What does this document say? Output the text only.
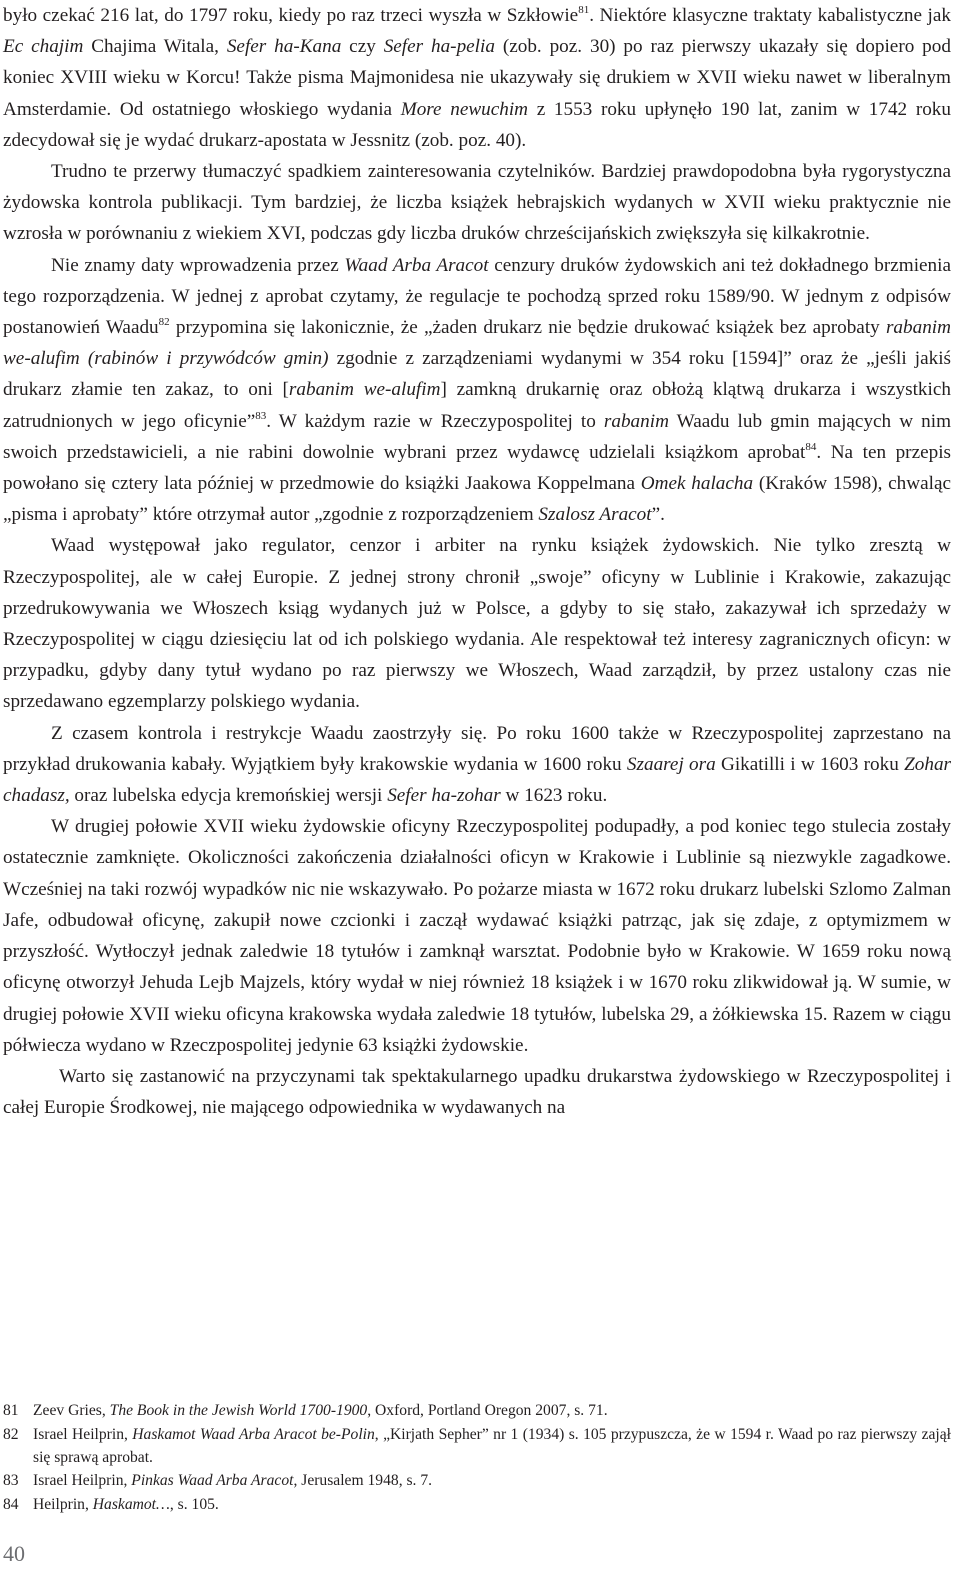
było czekać 216 lat, do 1797 roku, kiedy po raz trzeci wyszła w Szkłowie$^{81}$. Niektóre klasyczne traktaty kabalistyczne jak Ec chajim Chajima Witala, Sefer ha-Kana czy Sefer ha-pelia (zob. poz. 30) po raz pierwszy ukazały się dopiero pod koniec XVIII wieku w Korcu! Także pisma Majmonidesa nie ukazywały się drukiem w XVII wieku nawet w liberalnym Amsterdamie. Od ostatniego włoskiego wydania More newuchim z 1553 roku upłynęło 190 lat, zanim w 1742 roku zdecydował się je wydać drukarz-apostata w Jessnitz (zob. poz. 40).

Trudno te przerwy tłumaczyć spadkiem zainteresowania czytelników. Bardziej prawdopodobna była rygorystyczna żydowska kontrola publikacji. Tym bardziej, że liczba książek hebrajskich wydanych w XVII wieku praktycznie nie wzrosła w porównaniu z wiekiem XVI, podczas gdy liczba druków chrześcijańskich zwiększyła się kilkakrotnie.

Nie znamy daty wprowadzenia przez Waad Arba Aracot cenzury druków żydowskich ani też dokładnego brzmienia tego rozporządzenia. W jednej z aprobat czytamy, że regulacje te pochodzą sprzed roku 1589/90. W jednym z odpisów postanowień Waadu$^{82}$ przypomina się lakonicznie, że „żaden drukarz nie będzie drukować książek bez aprobaty rabanim we-alufim (rabinów i przywódców gmin) zgodnie z zarządzeniami wydanymi w 354 roku [1594]” oraz że „jeśli jakiś drukarz złamie ten zakaz, to oni [rabanim we-alufim] zamkną drukarnię oraz obłożą klątwą drukarza i wszystkich zatrudnionych w jego oficynie”$^{83}$. W każdym razie w Rzeczypospolitej to rabanim Waadu lub gmin mających w nim swoich przedstawicieli, a nie rabini dowolnie wybrani przez wydawcę udzielali książkom aprobat$^{84}$. Na ten przepis powołano się cztery lata później w przedmowie do książki Jaakowa Koppelmana Omek halacha (Kraków 1598), chwaląc „pisma i aprobaty” które otrzymał autor „zgodnie z rozporządzeniem Szalosz Aracot”.

Waad występował jako regulator, cenzor i arbiter na rynku książek żydowskich. Nie tylko zresztą w Rzeczypospolitej, ale w całej Europie. Z jednej strony chronił „swoje” oficyny w Lublinie i Krakowie, zakazując przedrukowywania we Włoszech ksiąg wydanych już w Polsce, a gdyby to się stało, zakazywał ich sprzedaży w Rzeczypospolitej w ciągu dziesięciu lat od ich polskiego wydania. Ale respektował też interesy zagranicznych oficyn: w przypadku, gdyby dany tytuł wydano po raz pierwszy we Włoszech, Waad zarządził, by przez ustalony czas nie sprzedawano egzemplarzy polskiego wydania.

Z czasem kontrola i restrykcje Waadu zaostrzyły się. Po roku 1600 także w Rzeczypospolitej zaprzestano na przykład drukowania kabały. Wyjątkiem były krakowskie wydania w 1600 roku Szaarej ora Gikatilli i w 1603 roku Zohar chadasz, oraz lubelska edycja kremońskiej wersji Sefer ha-zohar w 1623 roku.

W drugiej połowie XVII wieku żydowskie oficyny Rzeczypospolitej podupadły, a pod koniec tego stulecia zostały ostatecznie zamknięte. Okoliczności zakończenia działalności oficyn w Krakowie i Lublinie są niezwykle zagadkowe. Wcześniej na taki rozwój wypadków nic nie wskazywało. Po pożarze miasta w 1672 roku drukarz lubelski Szlomo Zalman Jafe, odbudował oficynę, zakupił nowe czcionki i zaczął wydawać książki patrząc, jak się zdaje, z optymizmem w przyszłość. Wytłoczył jednak zaledwie 18 tytułów i zamknął warsztat. Podobnie było w Krakowie. W 1659 roku nową oficynę otworzył Jehuda Lejb Majzels, który wydał w niej również 18 książek i w 1670 roku zlikwidował ją. W sumie, w drugiej połowie XVII wieku oficyna krakowska wydała zaledwie 18 tytułów, lubelska 29, a żółkiewska 15. Razem w ciągu półwiecza wydano w Rzeczpospolitej jedynie 63 książki żydowskie.

Warto się zastanowić na przyczynami tak spektakularnego upadku drukarstwa żydowskiego w Rzeczypospolitej i całej Europie Środkowej, nie mającego odpowiednika w wydawanych na

81 Zeev Gries, The Book in the Jewish World 1700-1900, Oxford, Portland Oregon 2007, s. 71.
82 Israel Heilprin, Haskamot Waad Arba Aracot be-Polin, „Kirjath Sepher” nr 1 (1934) s. 105 przypuszcza, że w 1594 r. Waad po raz pierwszy zajął się sprawą aprobat.
83 Israel Heilprin, Pinkas Waad Arba Aracot, Jerusalem 1948, s. 7.
84 Heilprin, Haskamot…, s. 105.
40
